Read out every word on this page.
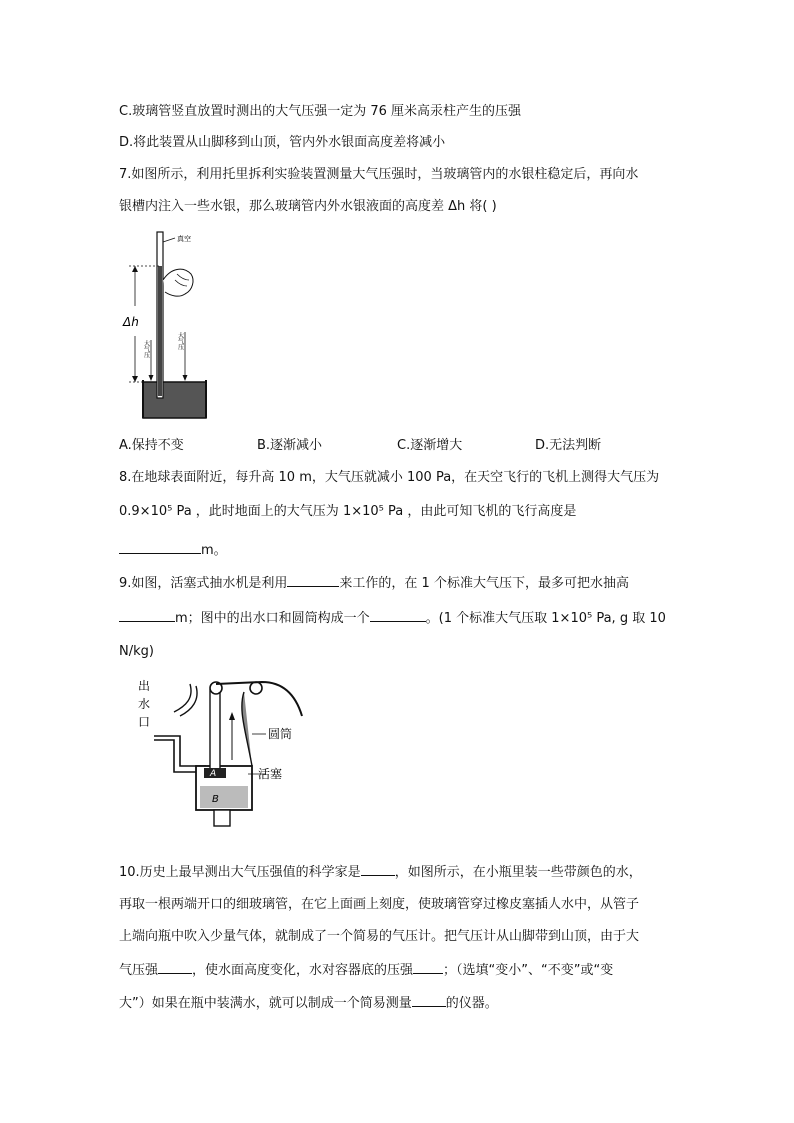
C.玻璃管竖直放置时测出的大气压强一定为 76 厘米高汞柱产生的压强
D.将此装置从山脚移到山顶，管内外水银面高度差将减小
7.如图所示，利用托里拆利实验装置测量大气压强时，当玻璃管内的水银柱稳定后，再向水
银槽内注入一些水银，那么玻璃管内外水银液面的高度差 Δh 将( )
真空
Δh
大气压	大气压
A.保持不变	B.逐渐减小	C.逐渐增大	D.无法判断
8.在地球表面附近，每升高 10 m，大气压就减小 100 Pa，在天空飞行的飞机上测得大气压为
0.9×10⁵ Pa ，此时地面上的大气压为 1×10⁵ Pa ，由此可知飞机的飞行高度是
m。
9.如图，活塞式抽水机是利用	来工作的，在 1 个标准大气压下，最多可把水抽高
m；图中的出水口和圆筒构成一个	。(1 个标准大气压取 1×10⁵ Pa, g 取 10
N/kg)
出
水
口
A
B
圆筒
活塞
10.历史上最早测出大气压强值的科学家是	，如图所示，在小瓶里装一些带颜色的水，
再取一根两端开口的细玻璃管，在它上面画上刻度，使玻璃管穿过橡皮塞插人水中，从管子
上端向瓶中吹入少量气体，就制成了一个简易的气压计。把气压计从山脚带到山顶，由于大
气压强	，使水面高度变化，水对容器底的压强 ；（选填“变小”、“不变”或“变
大”）如果在瓶中装满水，就可以制成一个简易测量	的仪器。
